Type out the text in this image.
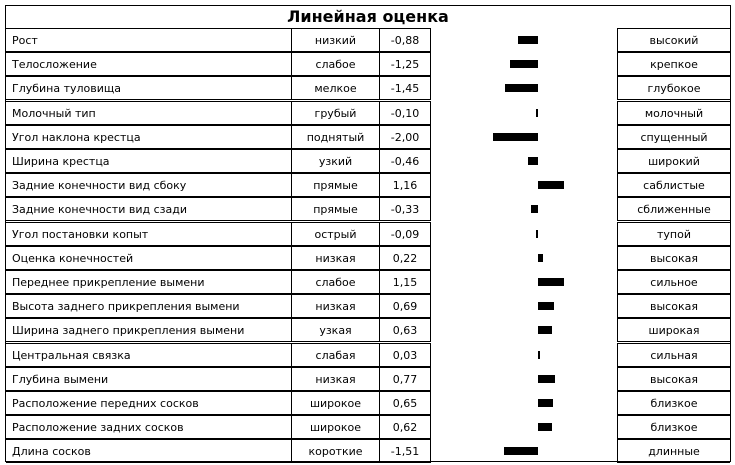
Линейная оценка
Рост	низкий	-0,88	высокий
Телосложение	слабое	-1,25	крепкое
Глубина туловища	мелкое	-1,45	глубокое
Молочный тип	грубый	-0,10	молочный
Угол наклона крестца	поднятый	-2,00	спущенный
Ширина крестца	узкий	-0,46	широкий
Задние конечности вид сбоку	прямые	1,16	саблистые
Задние конечности вид сзади	прямые	-0,33	сближенные
Угол постановки копыт	острый	-0,09	тупой
Оценка конечностей	низкая	0,22	высокая
Переднее прикрепление вымени	слабое	1,15	сильное
Высота заднего прикрепления вымени	низкая	0,69	высокая
Ширина заднего прикрепления вымени	узкая	0,63	широкая
Центральная связка	слабая	0,03	сильная
Глубина вымени	низкая	0,77	высокая
Расположение передних сосков	широкое	0,65	близкое
Расположение задних сосков	широкое	0,62	близкое
Длина сосков	короткие	-1,51	длинные
